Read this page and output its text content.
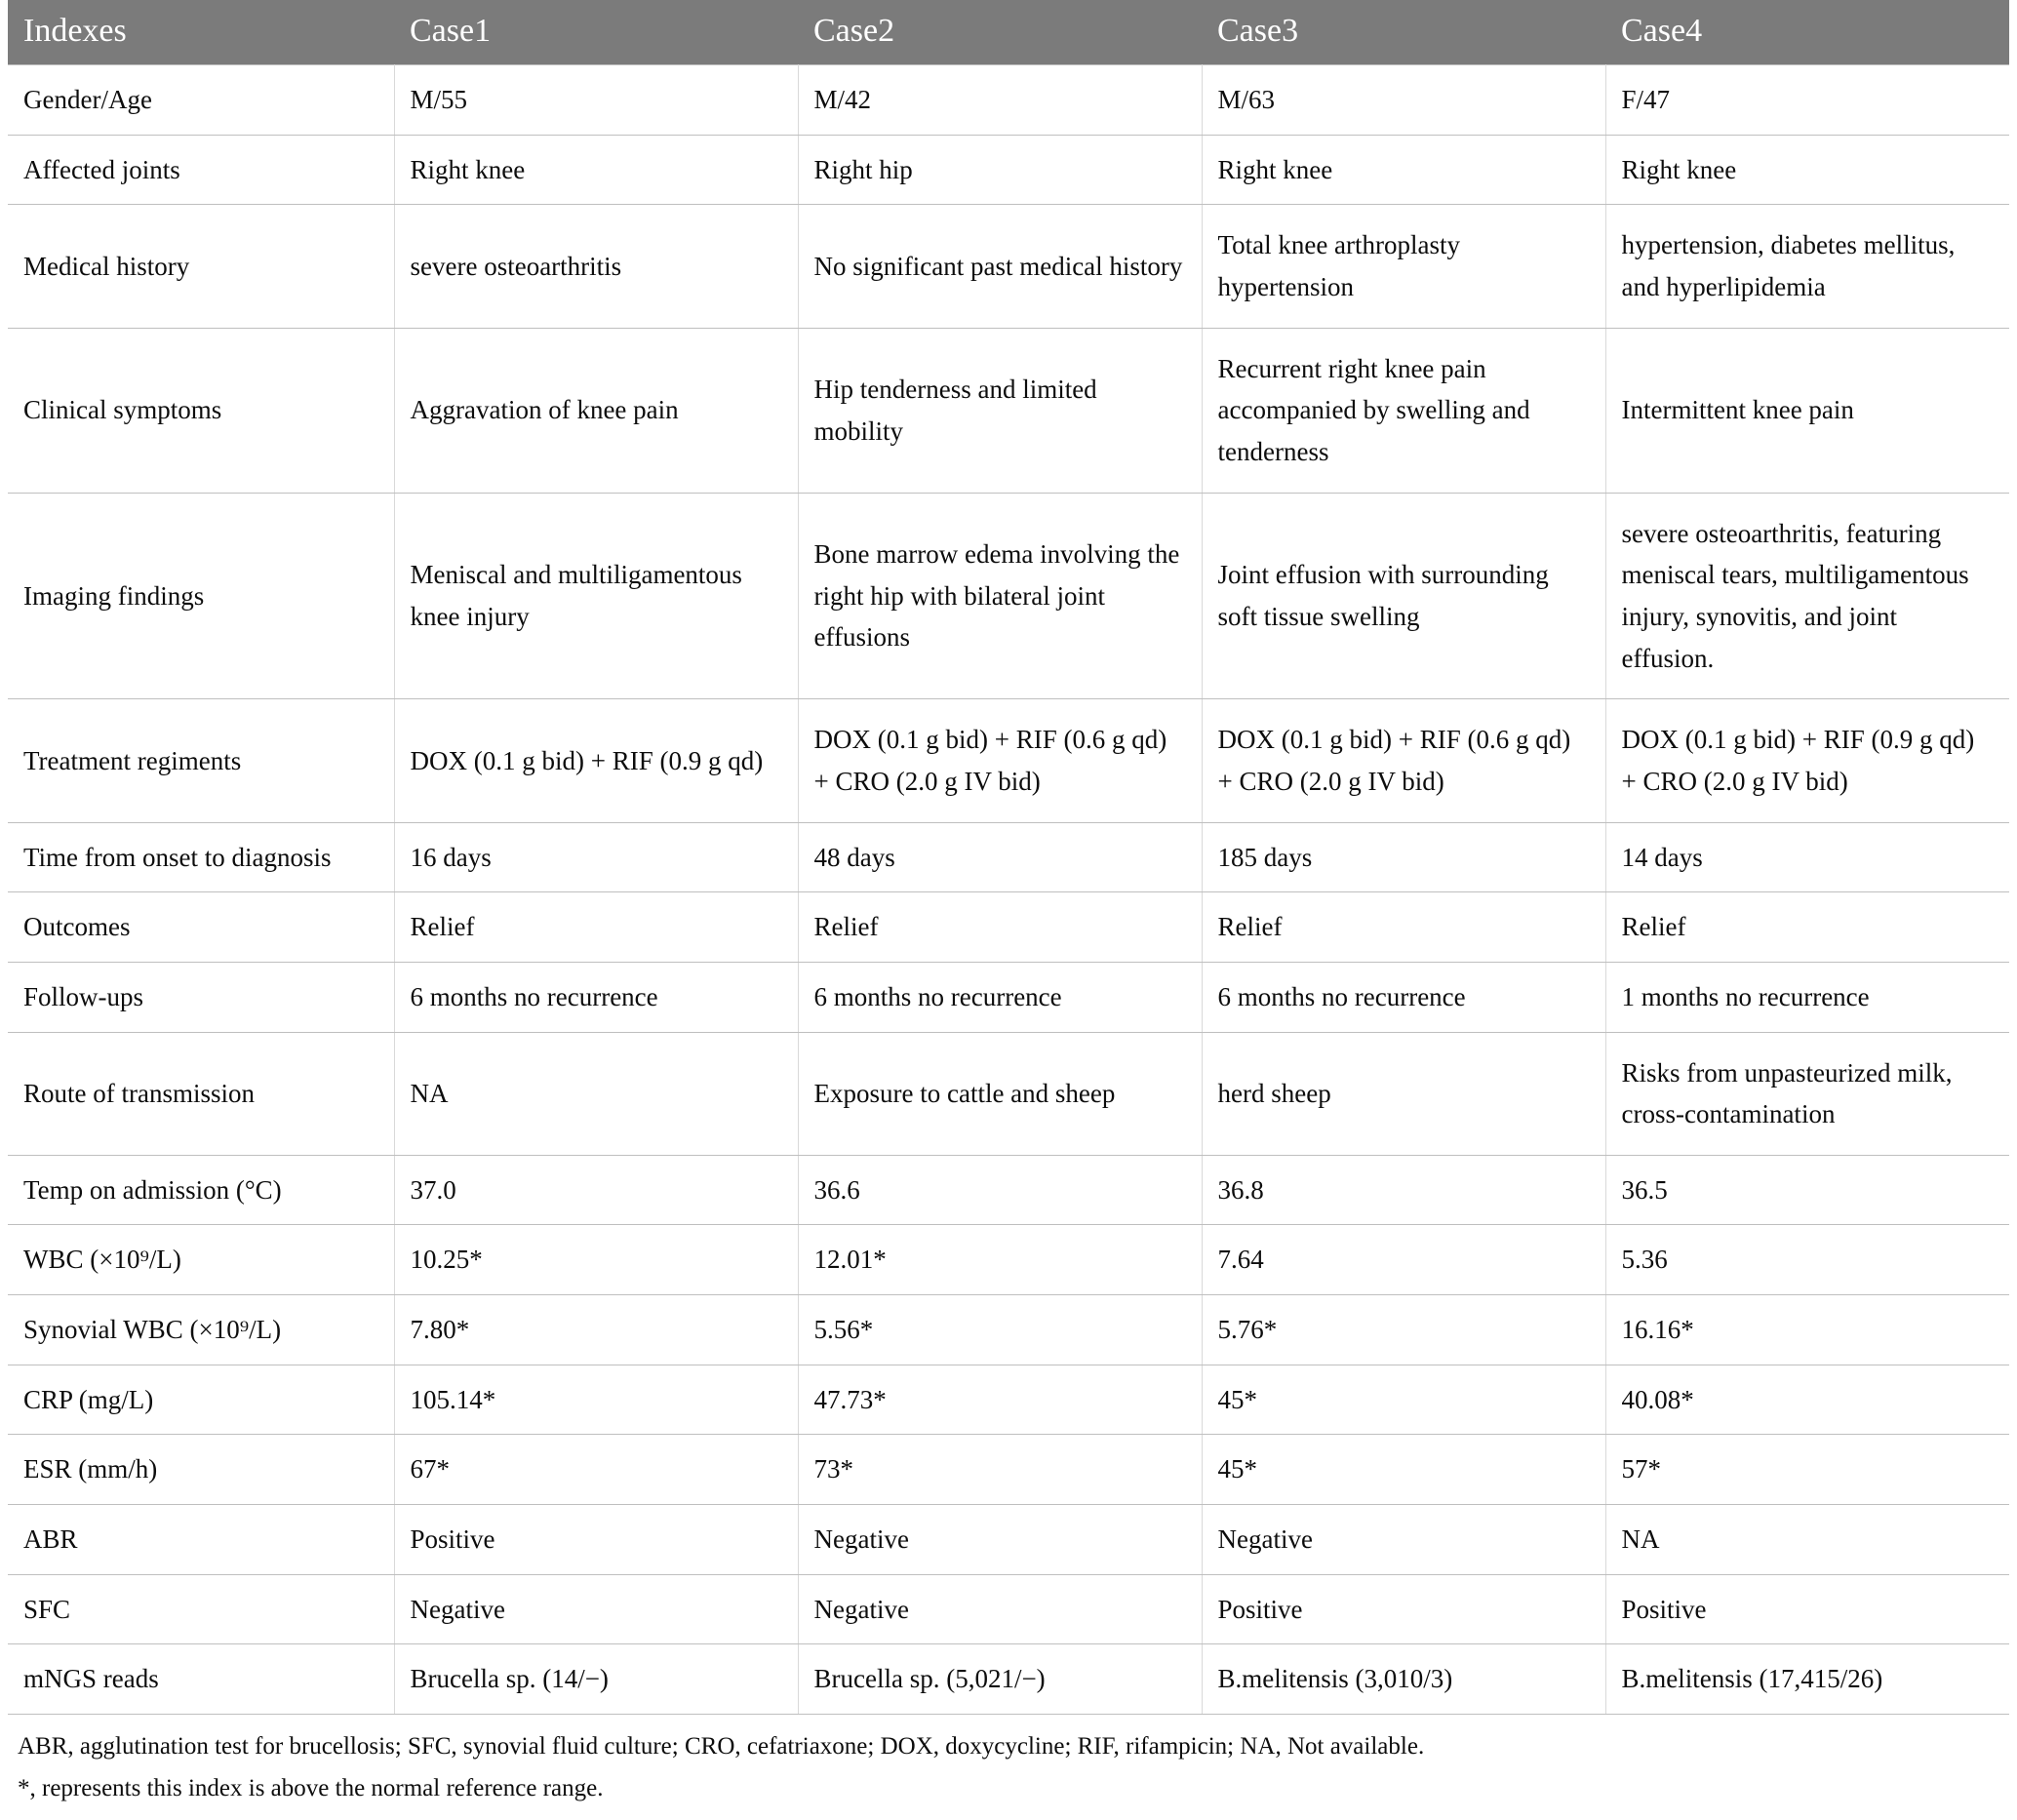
Indexes	Case1	Case2	Case3	Case4
Gender/Age	M/55	M/42	M/63	F/47
Affected joints	Right knee	Right hip	Right knee	Right knee
Medical history	severe osteoarthritis	No significant past medical history	Total knee arthroplasty hypertension	hypertension, diabetes mellitus, and hyperlipidemia
Clinical symptoms	Aggravation of knee pain	Hip tenderness and limited mobility	Recurrent right knee pain accompanied by swelling and tenderness	Intermittent knee pain
Imaging findings	Meniscal and multiligamentous knee injury	Bone marrow edema involving the right hip with bilateral joint effusions	Joint effusion with surrounding soft tissue swelling	severe osteoarthritis, featuring meniscal tears, multiligamentous injury, synovitis, and joint effusion.
Treatment regiments	DOX (0.1 g bid) + RIF (0.9 g qd)	DOX (0.1 g bid) + RIF (0.6 g qd) + CRO (2.0 g IV bid)	DOX (0.1 g bid) + RIF (0.6 g qd) + CRO (2.0 g IV bid)	DOX (0.1 g bid) + RIF (0.9 g qd) + CRO (2.0 g IV bid)
Time from onset to diagnosis	16 days	48 days	185 days	14 days
Outcomes	Relief	Relief	Relief	Relief
Follow-ups	6 months no recurrence	6 months no recurrence	6 months no recurrence	1 months no recurrence
Route of transmission	NA	Exposure to cattle and sheep	herd sheep	Risks from unpasteurized milk, cross-contamination
Temp on admission (°C)	37.0	36.6	36.8	36.5
WBC (×10⁹/L)	10.25*	12.01*	7.64	5.36
Synovial WBC (×10⁹/L)	7.80*	5.56*	5.76*	16.16*
CRP (mg/L)	105.14*	47.73*	45*	40.08*
ESR (mm/h)	67*	73*	45*	57*
ABR	Positive	Negative	Negative	NA
SFC	Negative	Negative	Positive	Positive
mNGS reads	Brucella sp. (14/−)	Brucella sp. (5,021/−)	B.melitensis (3,010/3)	B.melitensis (17,415/26)
ABR, agglutination test for brucellosis; SFC, synovial fluid culture; CRO, cefatriaxone; DOX, doxycycline; RIF, rifampicin; NA, Not available.
*, represents this index is above the normal reference range.
